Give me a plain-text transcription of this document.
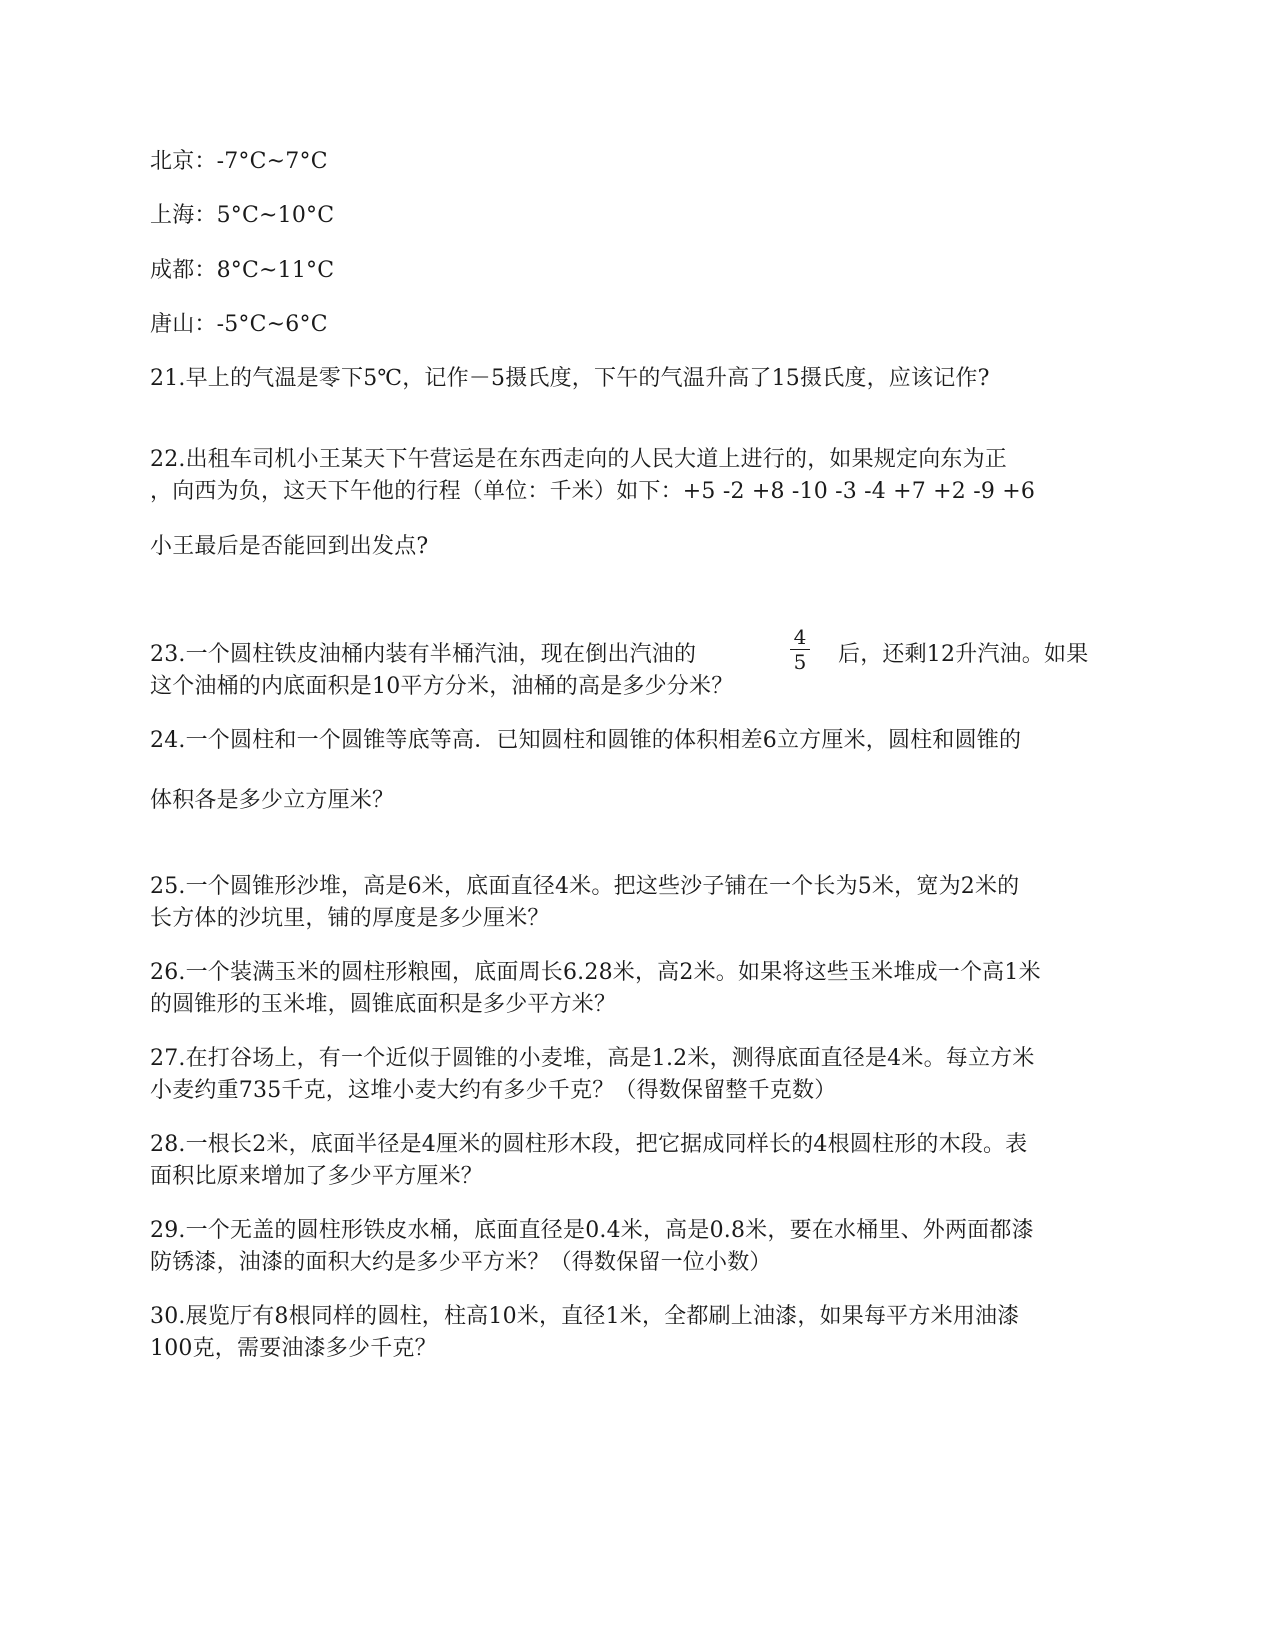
北京：-7°C~7°C
上海：5°C~10°C
成都：8°C~11°C
唐山：-5°C~6°C
21.早上的气温是零下5℃，记作－5摄氏度，下午的气温升高了15摄氏度，应该记作?
22.出租车司机小王某天下午营运是在东西走向的人民大道上进行的，如果规定向东为正
，向西为负，这天下午他的行程（单位：千米）如下：+5 -2 +8 -10 -3 -4 +7 +2 -9 +6
小王最后是否能回到出发点?
23.一个圆柱铁皮油桶内装有半桶汽油，现在倒出汽油的
4
5 后，还剩12升汽油。如果
这个油桶的内底面积是10平方分米，油桶的高是多少分米？
24.一个圆柱和一个圆锥等底等高．已知圆柱和圆锥的体积相差6立方厘米，圆柱和圆锥的
体积各是多少立方厘米？
25.一个圆锥形沙堆，高是6米，底面直径4米。把这些沙子铺在一个长为5米，宽为2米的
长方体的沙坑里，铺的厚度是多少厘米？
26.一个装满玉米的圆柱形粮囤，底面周长6.28米，高2米。如果将这些玉米堆成一个高1米
的圆锥形的玉米堆，圆锥底面积是多少平方米？
27.在打谷场上，有一个近似于圆锥的小麦堆，高是1.2米，测得底面直径是4米。每立方米
小麦约重735千克，这堆小麦大约有多少千克？（得数保留整千克数）
28.一根长2米，底面半径是4厘米的圆柱形木段，把它据成同样长的4根圆柱形的木段。表
面积比原来增加了多少平方厘米？
29.一个无盖的圆柱形铁皮水桶，底面直径是0.4米，高是0.8米，要在水桶里、外两面都漆
防锈漆，油漆的面积大约是多少平方米？（得数保留一位小数）
30.展览厅有8根同样的圆柱，柱高10米，直径1米，全都刷上油漆，如果每平方米用油漆
100克，需要油漆多少千克？
